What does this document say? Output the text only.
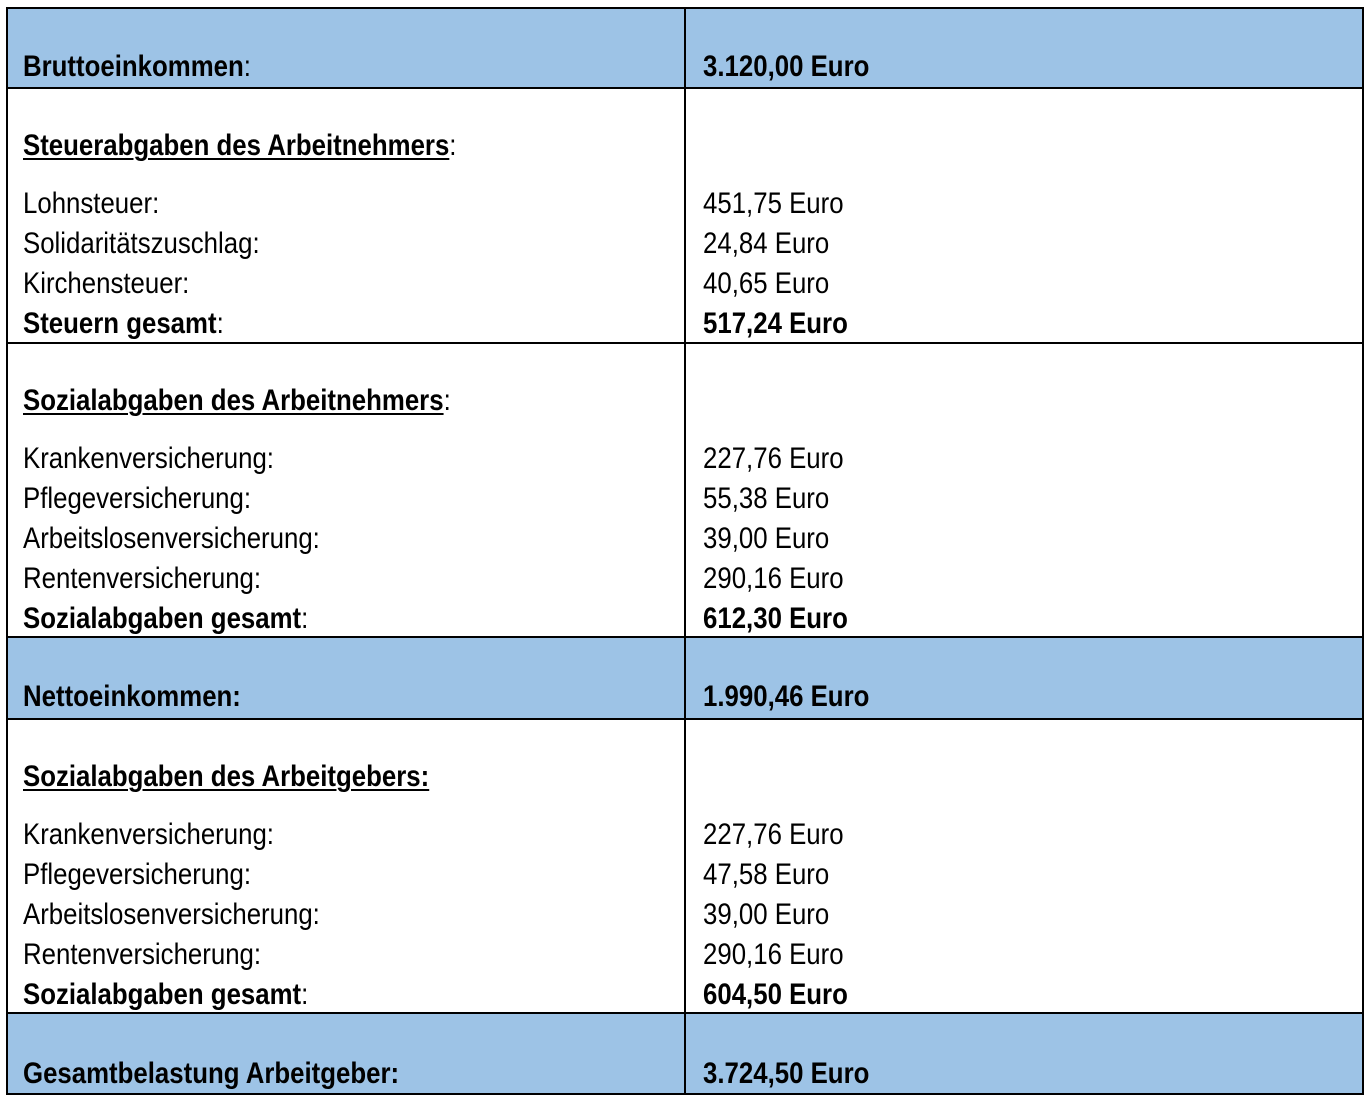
Bruttoeinkommen:	3.120,00 Euro
Steuerabgaben des Arbeitnehmers:
Lohnsteuer:	451,75 Euro
Solidaritätszuschlag:	24,84 Euro
Kirchensteuer:	40,65 Euro
Steuern gesamt:	517,24 Euro
Sozialabgaben des Arbeitnehmers:
Krankenversicherung:	227,76 Euro
Pflegeversicherung:	55,38 Euro
Arbeitslosenversicherung:	39,00 Euro
Rentenversicherung:	290,16 Euro
Sozialabgaben gesamt:	612,30 Euro
Nettoeinkommen:	1.990,46 Euro
Sozialabgaben des Arbeitgebers:
Krankenversicherung:	227,76 Euro
Pflegeversicherung:	47,58 Euro
Arbeitslosenversicherung:	39,00 Euro
Rentenversicherung:	290,16 Euro
Sozialabgaben gesamt:	604,50 Euro
Gesamtbelastung Arbeitgeber:	3.724,50 Euro
